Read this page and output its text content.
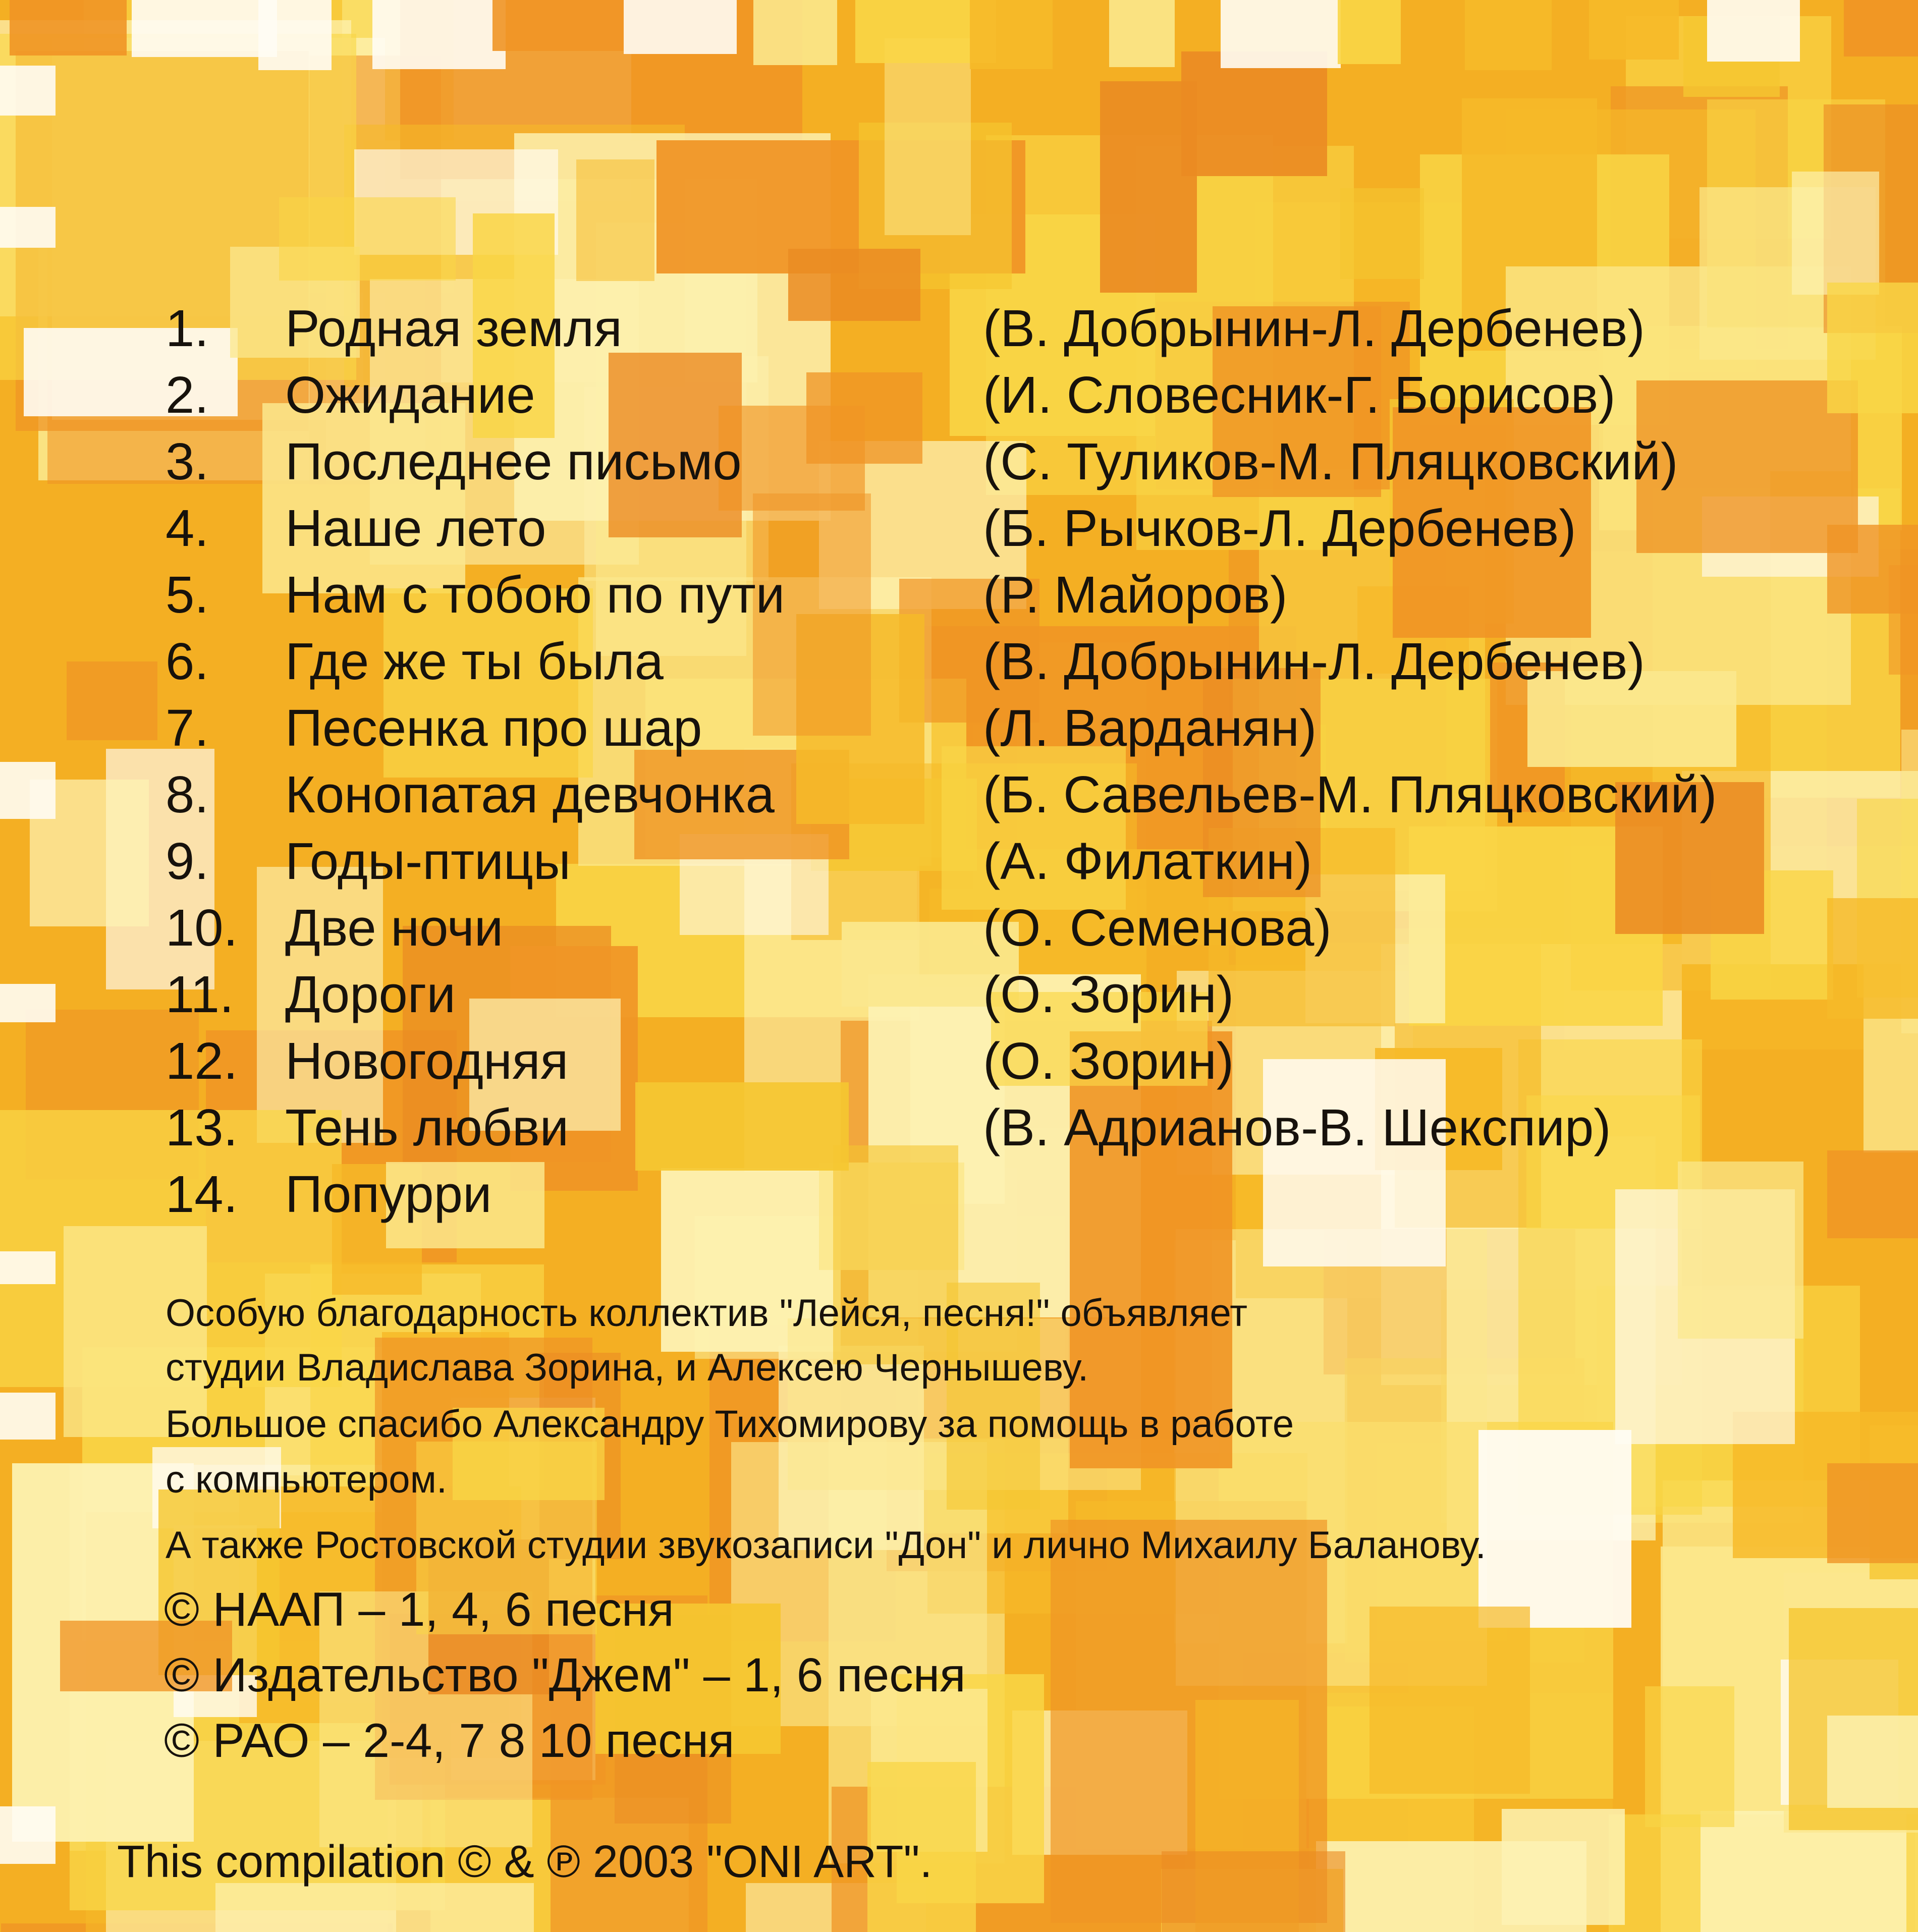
1. Родная земля	(В. Добрынин-Л. Дербенев)
2. Ожидание	(И. Словесник-Г. Борисов)
3. Последнее письмо	(С. Туликов-М. Пляцковский)
4. Наше лето	(Б. Рычков-Л. Дербенев)
5. Нам с тобою по пути	(Р. Майоров)
6. Где же ты была	(В. Добрынин-Л. Дербенев)
7. Песенка про шар	(Л. Варданян)
8. Конопатая девчонка	(Б. Савельев-М. Пляцковский)
9. Годы-птицы	(А. Филаткин)
10. Две ночи	(О. Семенова)
11. Дороги	(О. Зорин)
12. Новогодняя	(О. Зорин)
13. Тень любви	(В. Адрианов-В. Шекспир)
14. Попурри
Особую благодарность коллектив "Лейся, песня!" объявляет
студии Владислава Зорина, и Алексею Чернышеву.
Большое спасибо Александру Тихомирову за помощь в работе
с компьютером.
А также Ростовской студии звукозаписи "Дон" и лично Михаилу Баланову.
© НААП – 1, 4, 6 песня
© Издательство "Джем" – 1, 6 песня
© РАО – 2-4, 7 8 10 песня
This compilation © & ℗ 2003 "ONI ART".
